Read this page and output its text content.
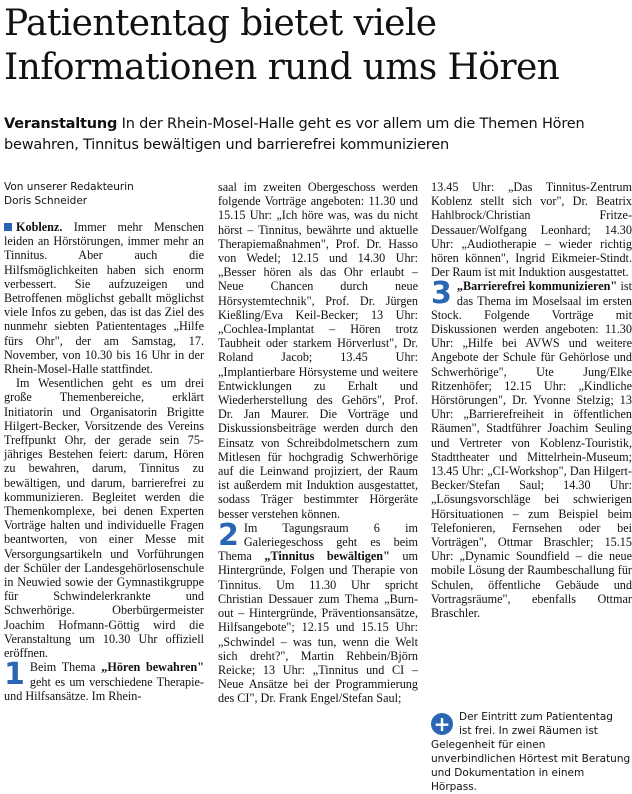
Patiententag bietet viele
Informationen rund ums Hören
Veranstaltung In der Rhein-Mosel-Halle geht es vor allem um die Themen Hören bewahren, Tinnitus bewältigen und barrierefrei kommunizieren
Von unserer Redakteurin
Doris Schneider

Koblenz. Immer mehr Menschen leiden an Hörstörungen, immer mehr an Tinnitus. Aber auch die Hilfsmöglichkeiten haben sich enorm verbessert. Sie aufzuzeigen und Betroffenen möglichst geballt möglichst viele Infos zu geben, das ist das Ziel des nunmehr siebten Patiententages „Hilfe fürs Ohr", der am Samstag, 17. November, von 10.30 bis 16 Uhr in der Rhein-Mosel-Halle stattfindet.

Im Wesentlichen geht es um drei große Themenbereiche, erklärt Initiatorin und Organisatorin Brigitte Hilgert-Becker, Vorsitzende des Vereins Treffpunkt Ohr, der gerade sein 75-jähriges Bestehen feiert: darum, Hören zu bewahren, darum, Tinnitus zu bewältigen, und darum, barrierefrei zu kommunizieren. Begleitet werden die Themenkomplexe, bei denen Experten Vorträge halten und individuelle Fragen beantworten, von einer Messe mit Versorgungsartikeln und Vorführungen der Schüler der Landesgehörlosenschule in Neuwied sowie der Gymnastikgruppe für Schwindelerkrankte und Schwerhörige. Oberbürgermeister Joachim Hofmann-Göttig wird die Veranstaltung um 10.30 Uhr offiziell eröffnen.

1 Beim Thema „Hören bewahren" geht es um verschiedene Therapie- und Hilfsansätze. Im Rhein-

saal im zweiten Obergeschoss werden folgende Vorträge angeboten: 11.30 und 15.15 Uhr: „Ich höre was, was du nicht hörst – Tinnitus, bewährte und aktuelle Therapiemaßnahmen", Prof. Dr. Hasso von Wedel; 12.15 und 14.30 Uhr: „Besser hören als das Ohr erlaubt – Neue Chancen durch neue Hörsystemtechnik", Prof. Dr. Jürgen Kießling/Eva Keil-Becker; 13 Uhr: „Cochlea-Implantat – Hören trotz Taubheit oder starkem Hörverlust", Dr. Roland Jacob; 13.45 Uhr: „Implantierbare Hörsysteme und weitere Entwicklungen zu Erhalt und Wiederherstellung des Gehörs", Prof. Dr. Jan Maurer. Die Vorträge und Diskussionsbeiträge werden durch den Einsatz von Schreibdolmetschern zum Mitlesen für hochgradig Schwerhörige auf die Leinwand projiziert, der Raum ist außerdem mit Induktion ausgestattet, sodass Träger bestimmter Hörgeräte besser verstehen können.

2 Im Tagungsraum 6 im Galeriegeschoss geht es beim Thema „Tinnitus bewältigen" um Hintergründe, Folgen und Therapie von Tinnitus. Um 11.30 Uhr spricht Christian Dessauer zum Thema „Burn-out – Hintergründe, Präventionsansätze, Hilfsangebote"; 12.15 und 15.15 Uhr: „Schwindel – was tun, wenn die Welt sich dreht?", Martin Rehbein/Björn Reicke; 13 Uhr: „Tinnitus und CI – Neue Ansätze bei der Programmierung des CI", Dr. Frank Engel/Stefan Saul;

13.45 Uhr: „Das Tinnitus-Zentrum Koblenz stellt sich vor", Dr. Beatrix Hahlbrock/Christian Fritze-Dessauer/Wolfgang Leonhard; 14.30 Uhr: „Audiotherapie – wieder richtig hören können", Ingrid Eikmeier-Stindt. Der Raum ist mit Induktion ausgestattet.

3 „Barrierefrei kommunizieren" ist das Thema im Moselsaal im ersten Stock. Folgende Vorträge mit Diskussionen werden angeboten: 11.30 Uhr: „Hilfe bei AVWS und weitere Angebote der Schule für Gehörlose und Schwerhörige", Ute Jung/Elke Ritzenhöfer; 12.15 Uhr: „Kindliche Hörstörungen", Dr. Yvonne Stelzig; 13 Uhr: „Barrierefreiheit in öffentlichen Räumen", Stadtführer Joachim Seuling und Vertreter von Koblenz-Touristik, Stadttheater und Mittelrhein-Museum; 13.45 Uhr: „CI-Workshop", Dan Hilgert-Becker/Stefan Saul; 14.30 Uhr: „Lösungsvorschläge bei schwierigen Hörsituationen – zum Beispiel beim Telefonieren, Fernsehen oder bei Vorträgen", Ottmar Braschler; 15.15 Uhr: „Dynamic Soundfield – die neue mobile Lösung der Raumbeschallung für Schulen, öffentliche Gebäude und Vortragsräume", ebenfalls Ottmar Braschler.

+ Der Eintritt zum Patiententag
ist frei. In zwei Räumen ist
Gelegenheit für einen unverbindlichen Hörtest mit Beratung und Dokumentation in einem Hörpass.
